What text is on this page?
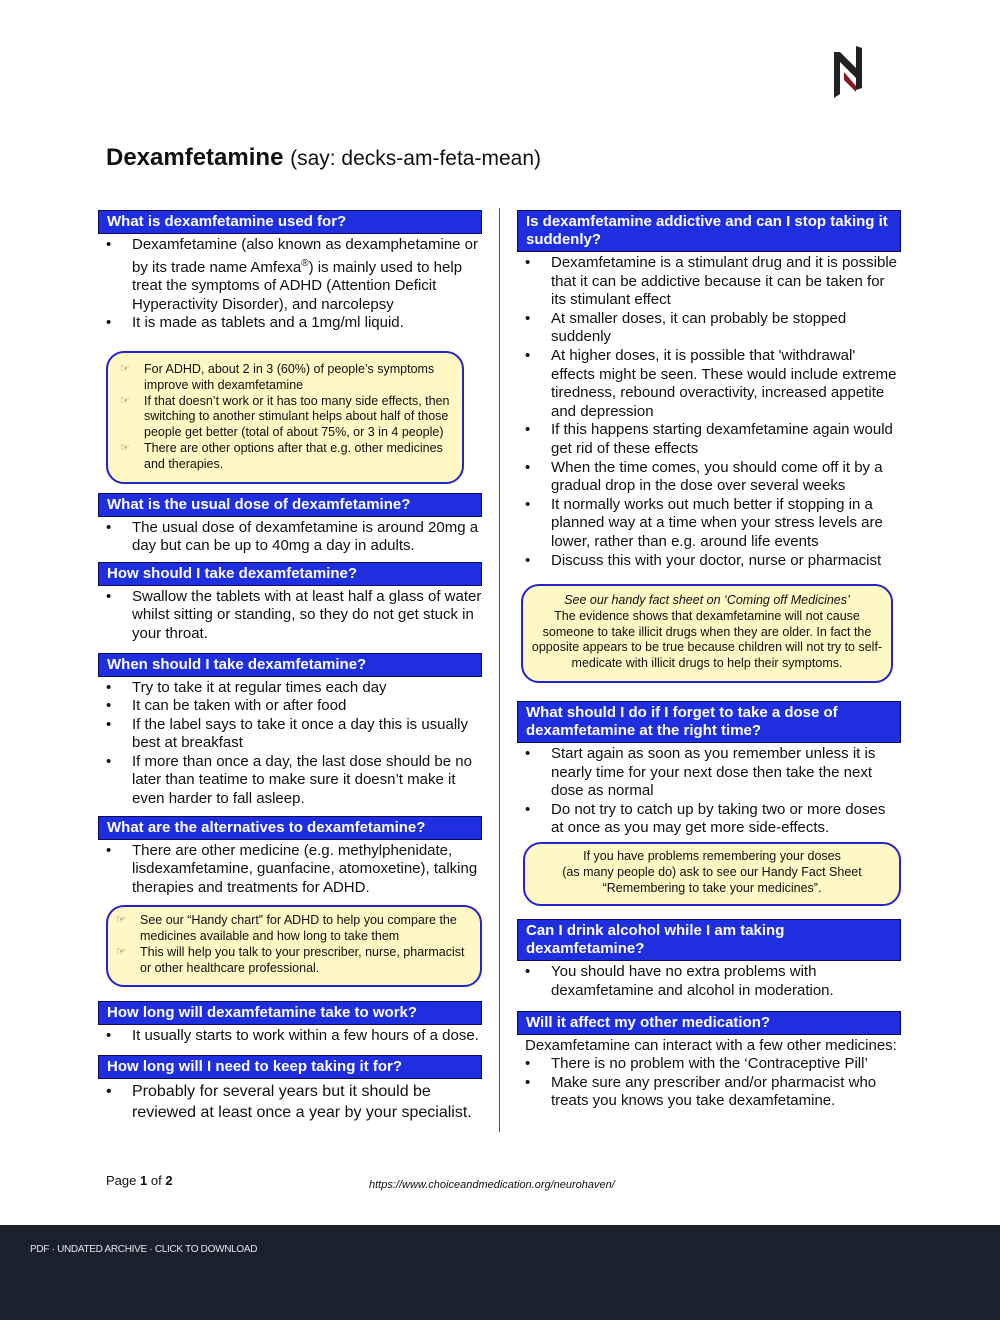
Dexamfetamine (say: decks-am-feta-mean)
What is dexamfetamine used for?
• Dexamfetamine (also known as dexamphetamine or by its trade name Amfexa®) is mainly used to help treat the symptoms of ADHD (Attention Deficit Hyperactivity Disorder), and narcolepsy
• It is made as tablets and a 1mg/ml liquid.
☞ For ADHD, about 2 in 3 (60%) of people’s symptoms improve with dexamfetamine
☞ If that doesn’t work or it has too many side effects, then switching to another stimulant helps about half of those people get better (total of about 75%, or 3 in 4 people)
☞ There are other options after that e.g. other medicines and therapies.
What is the usual dose of dexamfetamine?
• The usual dose of dexamfetamine is around 20mg a day but can be up to 40mg a day in adults.
How should I take dexamfetamine?
• Swallow the tablets with at least half a glass of water whilst sitting or standing, so they do not get stuck in your throat.
When should I take dexamfetamine?
• Try to take it at regular times each day
• It can be taken with or after food
• If the label says to take it once a day this is usually best at breakfast
• If more than once a day, the last dose should be no later than teatime to make sure it doesn’t make it even harder to fall asleep.
What are the alternatives to dexamfetamine?
• There are other medicine (e.g. methylphenidate, lisdexamfetamine, guanfacine, atomoxetine), talking therapies and treatments for ADHD.
☞ See our “Handy chart” for ADHD to help you compare the medicines available and how long to take them
☞ This will help you talk to your prescriber, nurse, pharmacist or other healthcare professional.
How long will dexamfetamine take to work?
• It usually starts to work within a few hours of a dose.
How long will I need to keep taking it for?
• Probably for several years but it should be reviewed at least once a year by your specialist.
Is dexamfetamine addictive and can I stop taking it suddenly?
• Dexamfetamine is a stimulant drug and it is possible that it can be addictive because it can be taken for its stimulant effect
• At smaller doses, it can probably be stopped suddenly
• At higher doses, it is possible that 'withdrawal' effects might be seen. These would include extreme tiredness, rebound overactivity, increased appetite and depression
• If this happens starting dexamfetamine again would get rid of these effects
• When the time comes, you should come off it by a gradual drop in the dose over several weeks
• It normally works out much better if stopping in a planned way at a time when your stress levels are lower, rather than e.g. around life events
• Discuss this with your doctor, nurse or pharmacist
See our handy fact sheet on ‘Coming off Medicines’
The evidence shows that dexamfetamine will not cause someone to take illicit drugs when they are older. In fact the opposite appears to be true because children will not try to self-medicate with illicit drugs to help their symptoms.
What should I do if I forget to take a dose of dexamfetamine at the right time?
• Start again as soon as you remember unless it is nearly time for your next dose then take the next dose as normal
• Do not try to catch up by taking two or more doses at once as you may get more side-effects.
If you have problems remembering your doses
(as many people do) ask to see our Handy Fact Sheet
“Remembering to take your medicines”.
Can I drink alcohol while I am taking dexamfetamine?
• You should have no extra problems with dexamfetamine and alcohol in moderation.
Will it affect my other medication?
Dexamfetamine can interact with a few other medicines:
• There is no problem with the ‘Contraceptive Pill’
• Make sure any prescriber and/or pharmacist who treats you knows you take dexamfetamine.
Page 1 of 2	https://www.choiceandmedication.org/neurohaven/
PDF · UNDATED ARCHIVE · CLICK TO DOWNLOAD
